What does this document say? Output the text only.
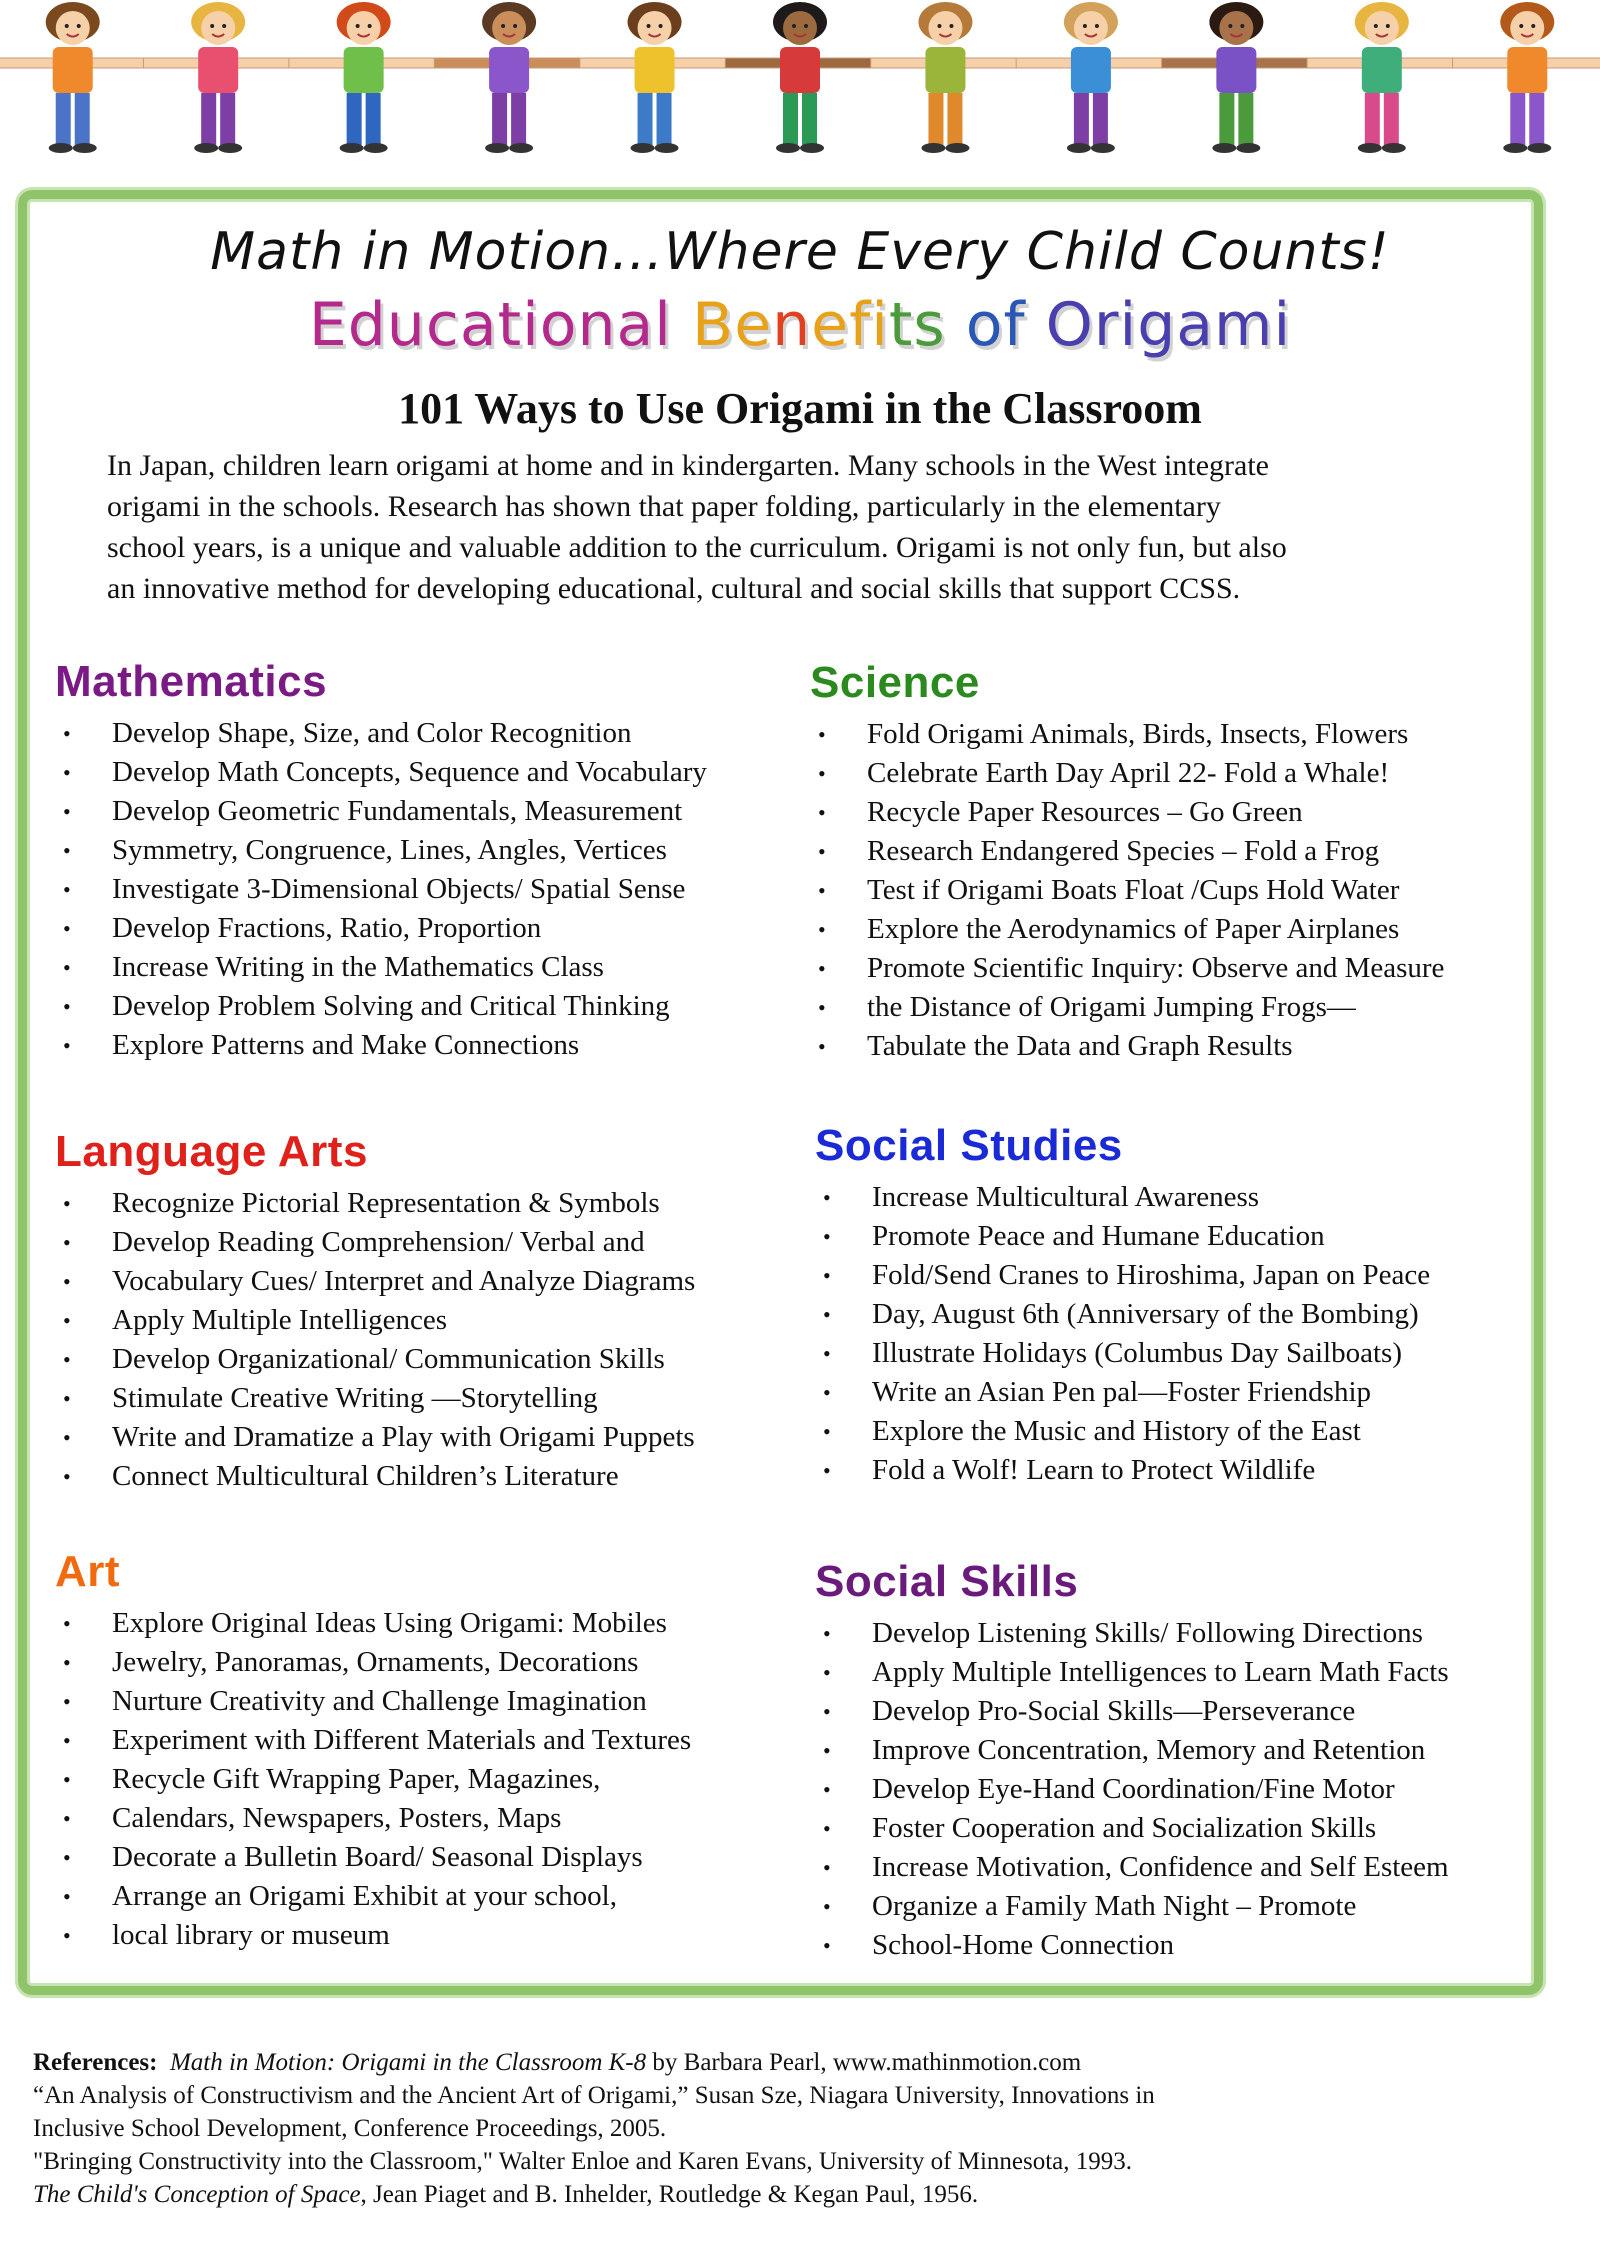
Math in Motion…Where Every Child Counts!
Educational Benefits of Origami
101 Ways to Use Origami in the Classroom
In Japan, children learn origami at home and in kindergarten. Many schools in the West integrate
origami in the schools. Research has shown that paper folding, particularly in the elementary
school years, is a unique and valuable addition to the curriculum. Origami is not only fun, but also
an innovative method for developing educational, cultural and social skills that support CCSS.
Mathematics
• Develop Shape, Size, and Color Recognition
• Develop Math Concepts, Sequence and Vocabulary
• Develop Geometric Fundamentals, Measurement
• Symmetry, Congruence, Lines, Angles, Vertices
• Investigate 3-Dimensional Objects/ Spatial Sense
• Develop Fractions, Ratio, Proportion
• Increase Writing in the Mathematics Class
• Develop Problem Solving and Critical Thinking
• Explore Patterns and Make Connections
Science
• Fold Origami Animals, Birds, Insects, Flowers
• Celebrate Earth Day April 22- Fold a Whale!
• Recycle Paper Resources – Go Green
• Research Endangered Species – Fold a Frog
• Test if Origami Boats Float /Cups Hold Water
• Explore the Aerodynamics of Paper Airplanes
• Promote Scientific Inquiry: Observe and Measure
• the Distance of Origami Jumping Frogs—
• Tabulate the Data and Graph Results
Language Arts
• Recognize Pictorial Representation & Symbols
• Develop Reading Comprehension/ Verbal and
• Vocabulary Cues/ Interpret and Analyze Diagrams
• Apply Multiple Intelligences
• Develop Organizational/ Communication Skills
• Stimulate Creative Writing —Storytelling
• Write and Dramatize a Play with Origami Puppets
• Connect Multicultural Children’s Literature
Social Studies
• Increase Multicultural Awareness
• Promote Peace and Humane Education
• Fold/Send Cranes to Hiroshima, Japan on Peace
• Day, August 6th (Anniversary of the Bombing)
• Illustrate Holidays (Columbus Day Sailboats)
• Write an Asian Pen pal—Foster Friendship
• Explore the Music and History of the East
• Fold a Wolf! Learn to Protect Wildlife
Art
• Explore Original Ideas Using Origami: Mobiles
• Jewelry, Panoramas, Ornaments, Decorations
• Nurture Creativity and Challenge Imagination
• Experiment with Different Materials and Textures
• Recycle Gift Wrapping Paper, Magazines,
• Calendars, Newspapers, Posters, Maps
• Decorate a Bulletin Board/ Seasonal Displays
• Arrange an Origami Exhibit at your school,
• local library or museum
Social Skills
• Develop Listening Skills/ Following Directions
• Apply Multiple Intelligences to Learn Math Facts
• Develop Pro-Social Skills—Perseverance
• Improve Concentration, Memory and Retention
• Develop Eye-Hand Coordination/Fine Motor
• Foster Cooperation and Socialization Skills
• Increase Motivation, Confidence and Self Esteem
• Organize a Family Math Night – Promote
• School-Home Connection
References: Math in Motion: Origami in the Classroom K-8 by Barbara Pearl, www.mathinmotion.com
“An Analysis of Constructivism and the Ancient Art of Origami,” Susan Sze, Niagara University, Innovations in
Inclusive School Development, Conference Proceedings, 2005.
"Bringing Constructivity into the Classroom," Walter Enloe and Karen Evans, University of Minnesota, 1993.
The Child's Conception of Space, Jean Piaget and B. Inhelder, Routledge & Kegan Paul, 1956.
